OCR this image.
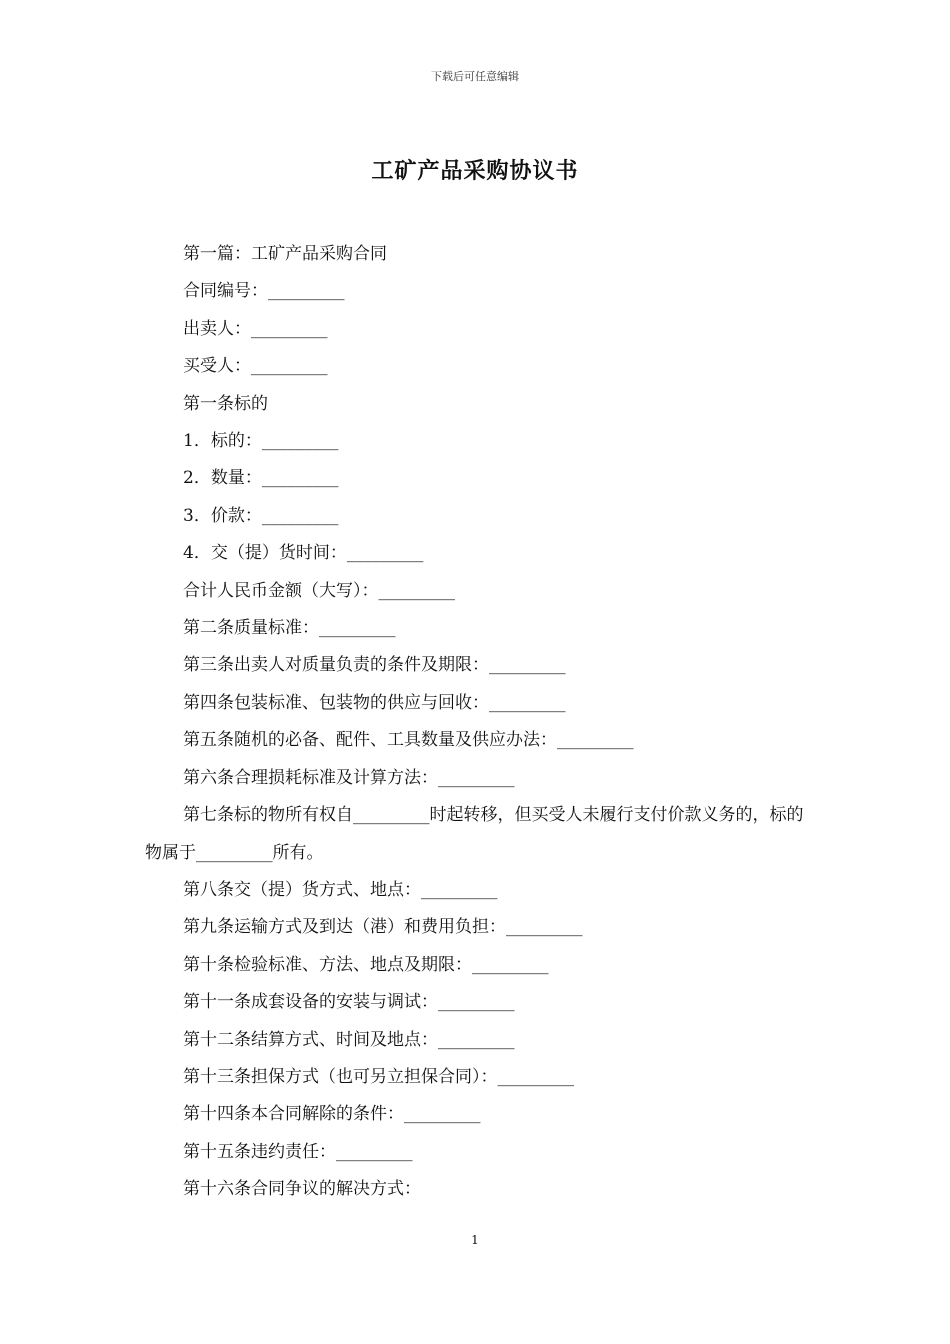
下载后可任意编辑
工矿产品采购协议书

第一篇：工矿产品采购合同

合同编号：_________

出卖人：_________

买受人：_________

第一条标的

1．标的：_________

2．数量：_________

3．价款：_________

4．交（提）货时间：_________

合计人民币金额（大写）：_________

第二条质量标准：_________

第三条出卖人对质量负责的条件及期限：_________

第四条包装标准、包装物的供应与回收：_________

第五条随机的必备、配件、工具数量及供应办法：_________

第六条合理损耗标准及计算方法：_________

第七条标的物所有权自_________时起转移，但买受人未履行支付价款义务的，标的物属于_________所有。

第八条交（提）货方式、地点：_________

第九条运输方式及到达（港）和费用负担：_________

第十条检验标准、方法、地点及期限：_________

第十一条成套设备的安装与调试：_________

第十二条结算方式、时间及地点：_________

第十三条担保方式（也可另立担保合同）：_________

第十四条本合同解除的条件：_________

第十五条违约责任：_________

第十六条合同争议的解决方式：

1
